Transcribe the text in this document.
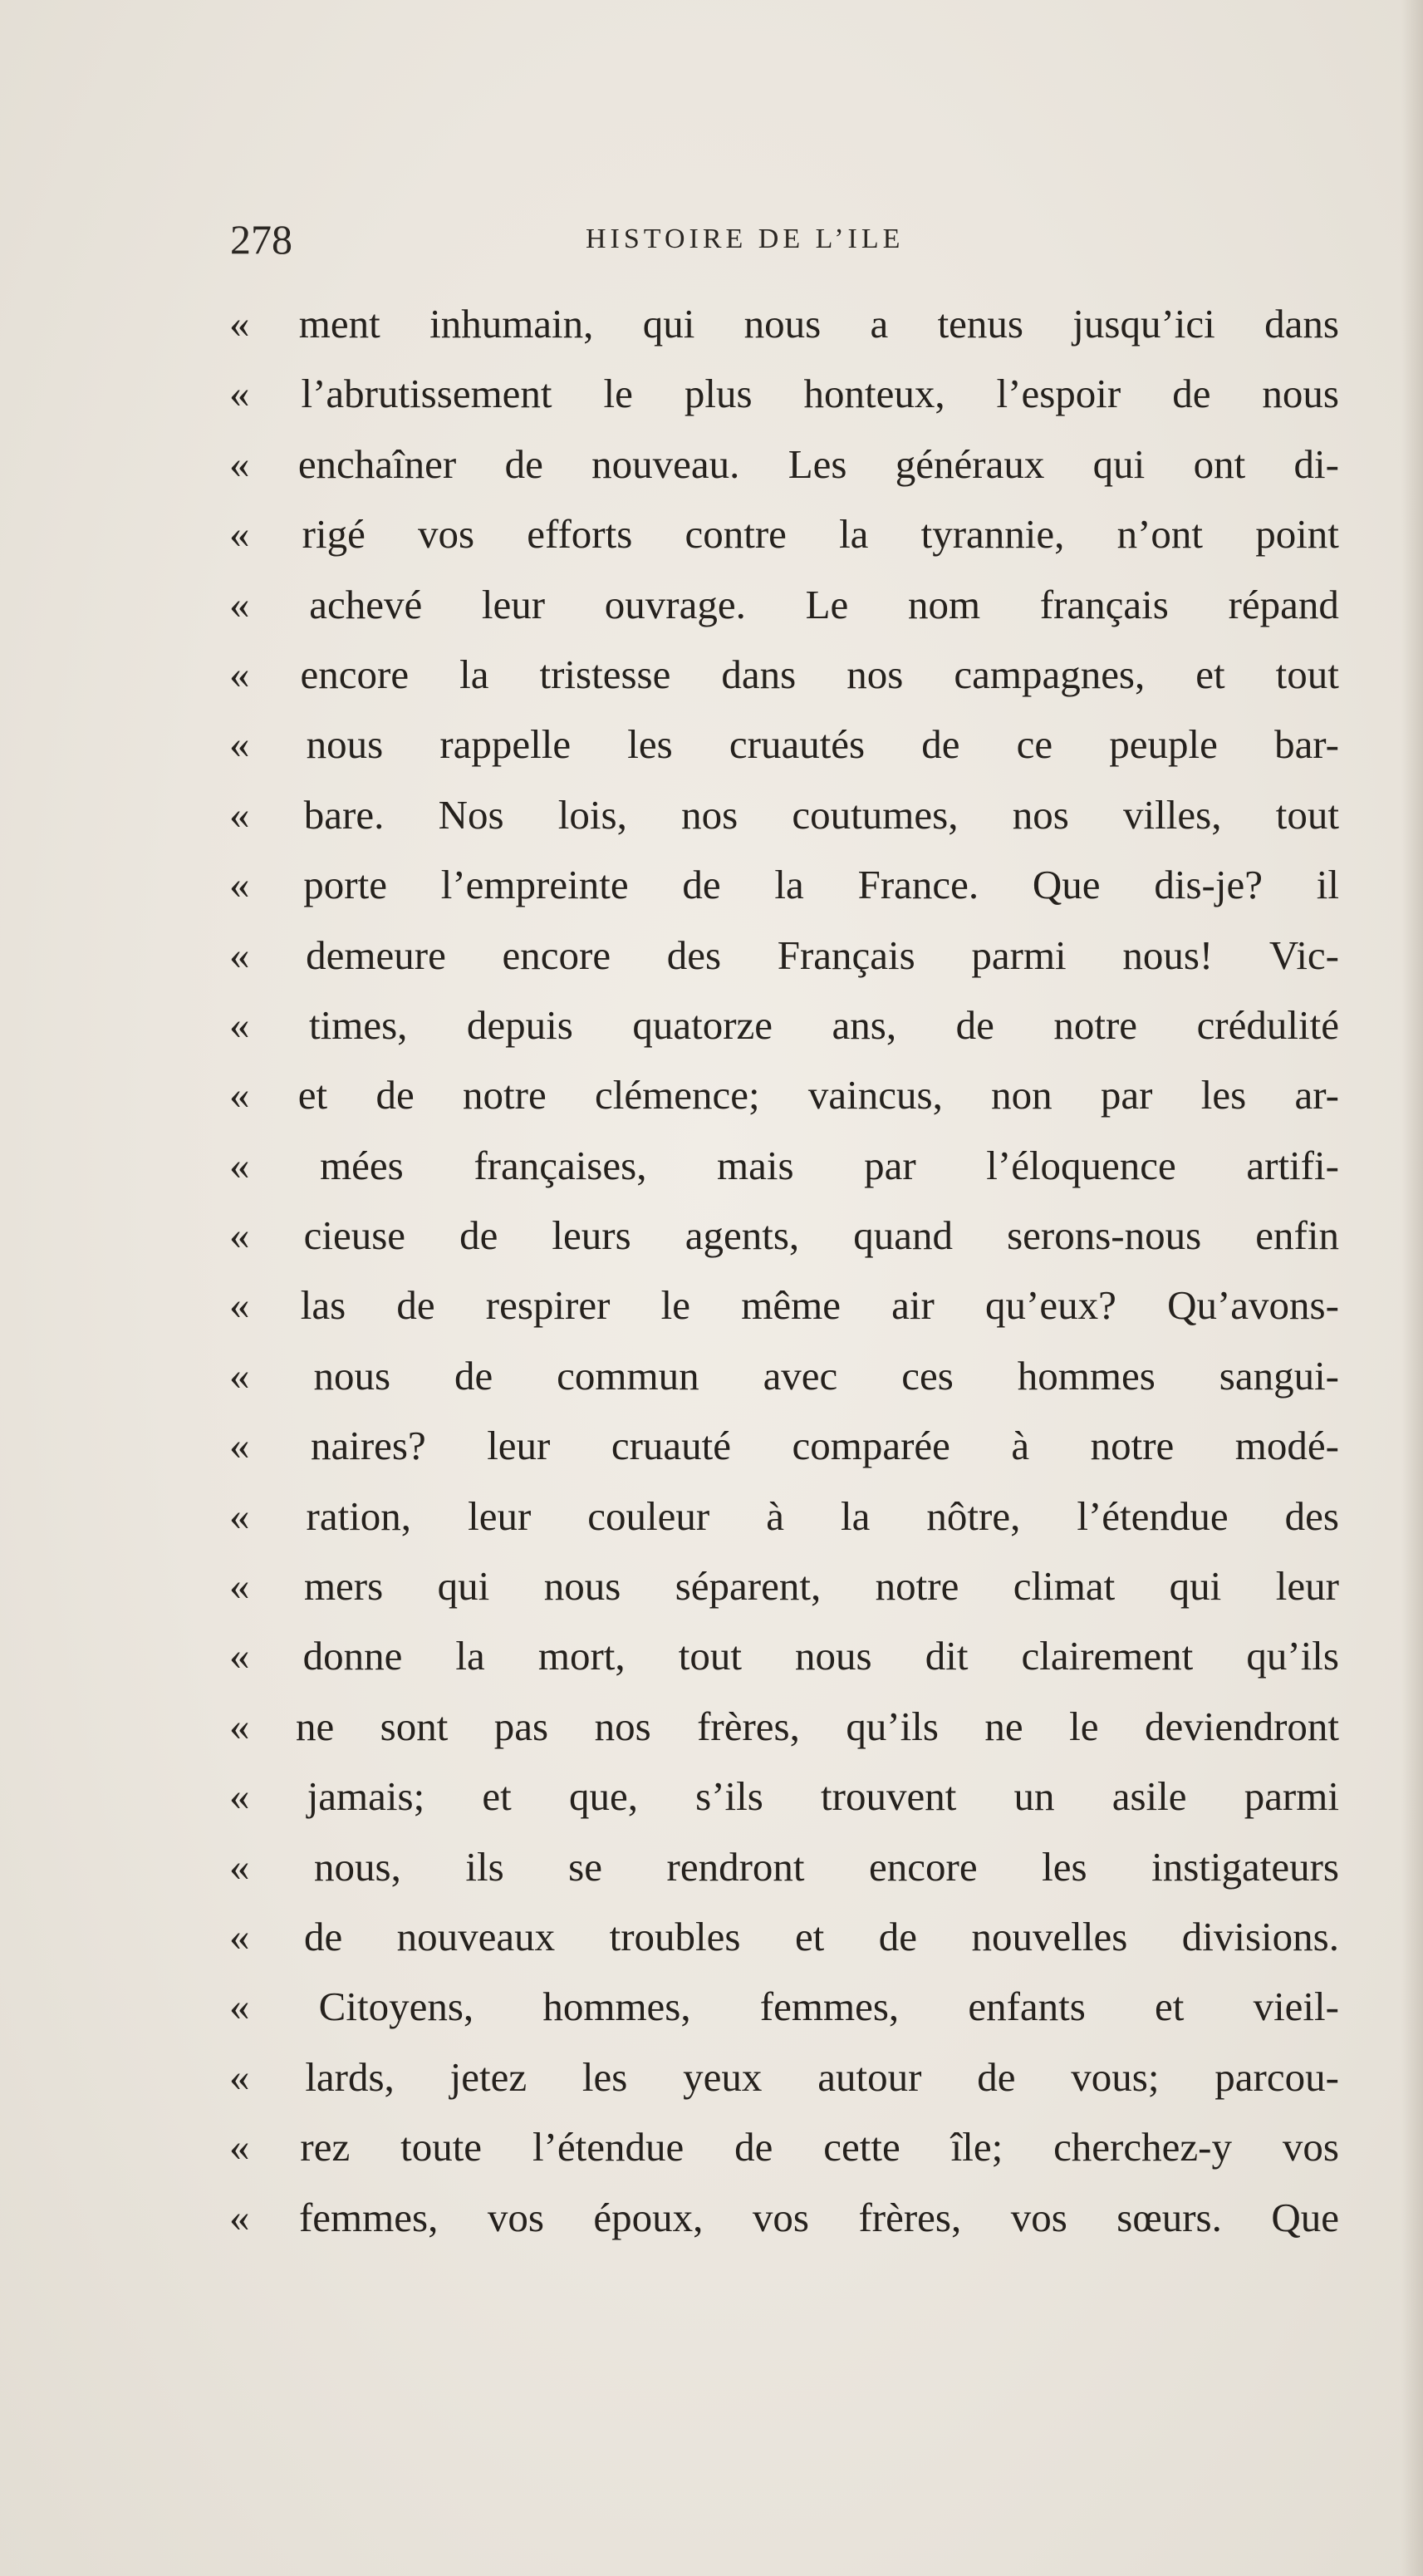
278	HISTOIRE DE L’ILE
« ment inhumain, qui nous a tenus jusqu’ici dans
« l’abrutissement le plus honteux, l’espoir de nous
« enchaîner de nouveau. Les généraux qui ont di-
« rigé vos efforts contre la tyrannie, n’ont point
« achevé leur ouvrage. Le nom français répand
« encore la tristesse dans nos campagnes, et tout
« nous rappelle les cruautés de ce peuple bar-
« bare. Nos lois, nos coutumes, nos villes, tout
« porte l’empreinte de la France. Que dis-je? il
« demeure encore des Français parmi nous! Vic-
« times, depuis quatorze ans, de notre crédulité
« et de notre clémence; vaincus, non par les ar-
« mées françaises, mais par l’éloquence artifi-
« cieuse de leurs agents, quand serons-nous enfin
« las de respirer le même air qu’eux? Qu’avons-
« nous de commun avec ces hommes sangui-
« naires? leur cruauté comparée à notre modé-
« ration, leur couleur à la nôtre, l’étendue des
« mers qui nous séparent, notre climat qui leur
« donne la mort, tout nous dit clairement qu’ils
« ne sont pas nos frères, qu’ils ne le deviendront
« jamais; et que, s’ils trouvent un asile parmi
« nous, ils se rendront encore les instigateurs
« de nouveaux troubles et de nouvelles divisions.
« Citoyens, hommes, femmes, enfants et vieil-
« lards, jetez les yeux autour de vous; parcou-
« rez toute l’étendue de cette île; cherchez-y vos
« femmes, vos époux, vos frères, vos sœurs. Que
